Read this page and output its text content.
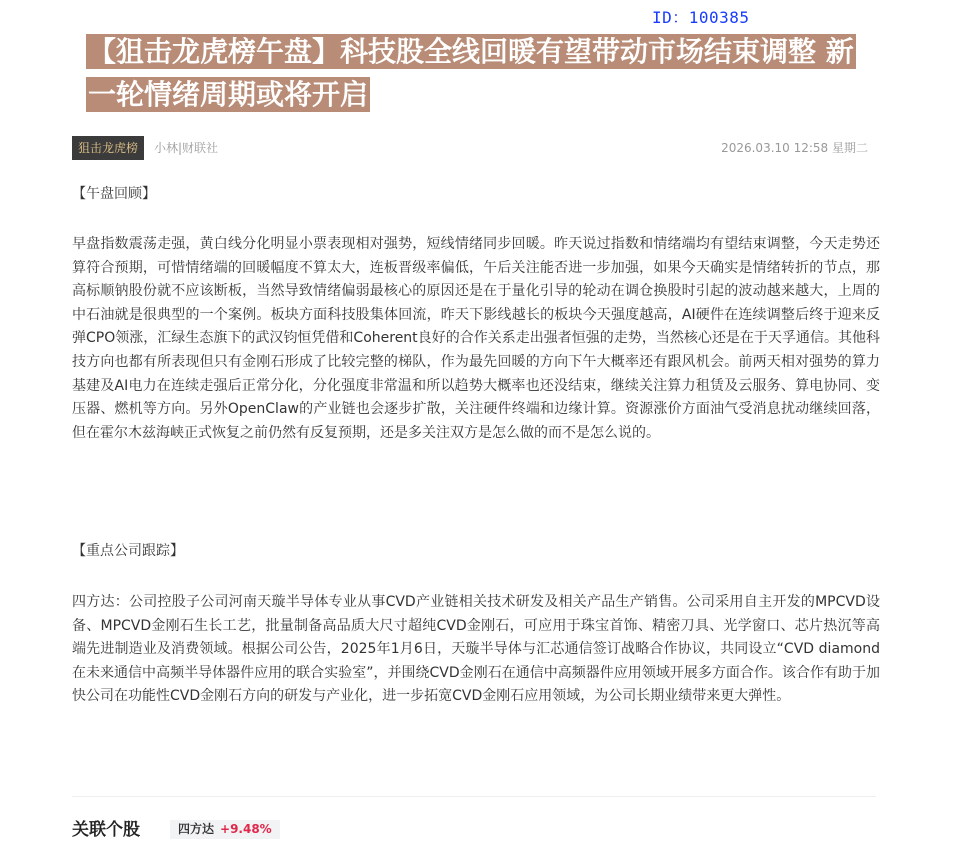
ID：100385
【狙击龙虎榜午盘】科技股全线回暖有望带动市场结束调整 新一轮情绪周期或将开启
狙击龙虎榜	小林|财联社	2026.03.10 12:58 星期二
【午盘回顾】

早盘指数震荡走强，黄白线分化明显小票表现相对强势，短线情绪同步回暖。昨天说过指数和情绪端均有望结束调整，今天走势还算符合预期，可惜情绪端的回暖幅度不算太大，连板晋级率偏低，午后关注能否进一步加强，如果今天确实是情绪转折的节点，那高标顺钠股份就不应该断板，当然导致情绪偏弱最核心的原因还是在于量化引导的轮动在调仓换股时引起的波动越来越大，上周的中石油就是很典型的一个案例。板块方面科技股集体回流，昨天下影线越长的板块今天强度越高，AI硬件在连续调整后终于迎来反弹CPO领涨，汇绿生态旗下的武汉钧恒凭借和Coherent良好的合作关系走出强者恒强的走势，当然核心还是在于天孚通信。其他科技方向也都有所表现但只有金刚石形成了比较完整的梯队，作为最先回暖的方向下午大概率还有跟风机会。前两天相对强势的算力基建及AI电力在连续走强后正常分化，分化强度非常温和所以趋势大概率也还没结束，继续关注算力租赁及云服务、算电协同、变压器、燃机等方向。另外OpenClaw的产业链也会逐步扩散，关注硬件终端和边缘计算。资源涨价方面油气受消息扰动继续回落，但在霍尔木兹海峡正式恢复之前仍然有反复预期，还是多关注双方是怎么做的而不是怎么说的。

【重点公司跟踪】

四方达：公司控股子公司河南天璇半导体专业从事CVD产业链相关技术研发及相关产品生产销售。公司采用自主开发的MPCVD设备、MPCVD金刚石生长工艺，批量制备高品质大尺寸超纯CVD金刚石，可应用于珠宝首饰、精密刀具、光学窗口、芯片热沉等高端先进制造业及消费领域。根据公司公告，2025年1月6日，天璇半导体与汇芯通信签订战略合作协议，共同设立“CVD diamond在未来通信中高频半导体器件应用的联合实验室”，并围绕CVD金刚石在通信中高频器件应用领域开展多方面合作。该合作有助于加快公司在功能性CVD金刚石方向的研发与产业化，进一步拓宽CVD金刚石应用领域，为公司长期业绩带来更大弹性。

关联个股	四方达 +9.48%
